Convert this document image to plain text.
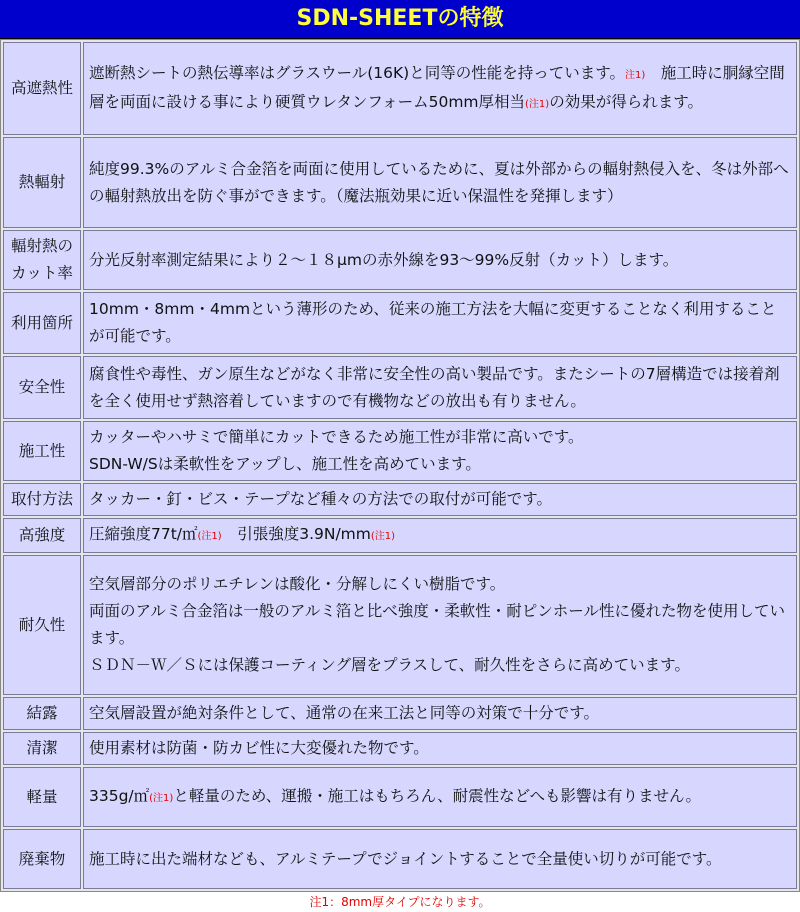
SDN-SHEETの特徴
高遮熱性	遮断熱シートの熱伝導率はグラスウール(16K)と同等の性能を持っています。注1)　施工時に胴縁空間層を両面に設ける事により硬質ウレタンフォーム50mm厚相当(注1)の効果が得られます。
熱輻射	純度99.3%のアルミ合金箔を両面に使用しているために、夏は外部からの輻射熱侵入を、冬は外部への輻射熱放出を防ぐ事ができます。（魔法瓶効果に近い保温性を発揮します）
輻射熱のカット率	分光反射率測定結果により２～１８μmの赤外線を93～99%反射（カット）します。
利用箇所	10mm・8mm・4mmという薄形のため、従来の施工方法を大幅に変更することなく利用することが可能です。
安全性	腐食性や毒性、ガン原生などがなく非常に安全性の高い製品です。またシートの7層構造では接着剤を全く使用せず熱溶着していますので有機物などの放出も有りません。
施工性	カッターやハサミで簡単にカットできるため施工性が非常に高いです。
SDN-W/Sは柔軟性をアップし、施工性を高めています。

取付方法	タッカー・釘・ビス・テープなど種々の方法での取付が可能です。
高強度	圧縮強度77t/㎡(注1)　引張強度3.9N/mm(注1)
耐久性	空気層部分のポリエチレンは酸化・分解しにくい樹脂です。
両面のアルミ合金箔は一般のアルミ箔と比べ強度・柔軟性・耐ピンホール性に優れた物を使用しています。
ＳＤＮ－Ｗ／Ｓには保護コーティング層をプラスして、耐久性をさらに高めています。

結露	空気層設置が絶対条件として、通常の在来工法と同等の対策で十分です。
清潔	使用素材は防菌・防カビ性に大変優れた物です。
軽量	335g/㎡(注1)と軽量のため、運搬・施工はもちろん、耐震性などへも影響は有りません。
廃棄物	施工時に出た端材なども、アルミテープでジョイントすることで全量使い切りが可能です。
注1：8mm厚タイプになります。
